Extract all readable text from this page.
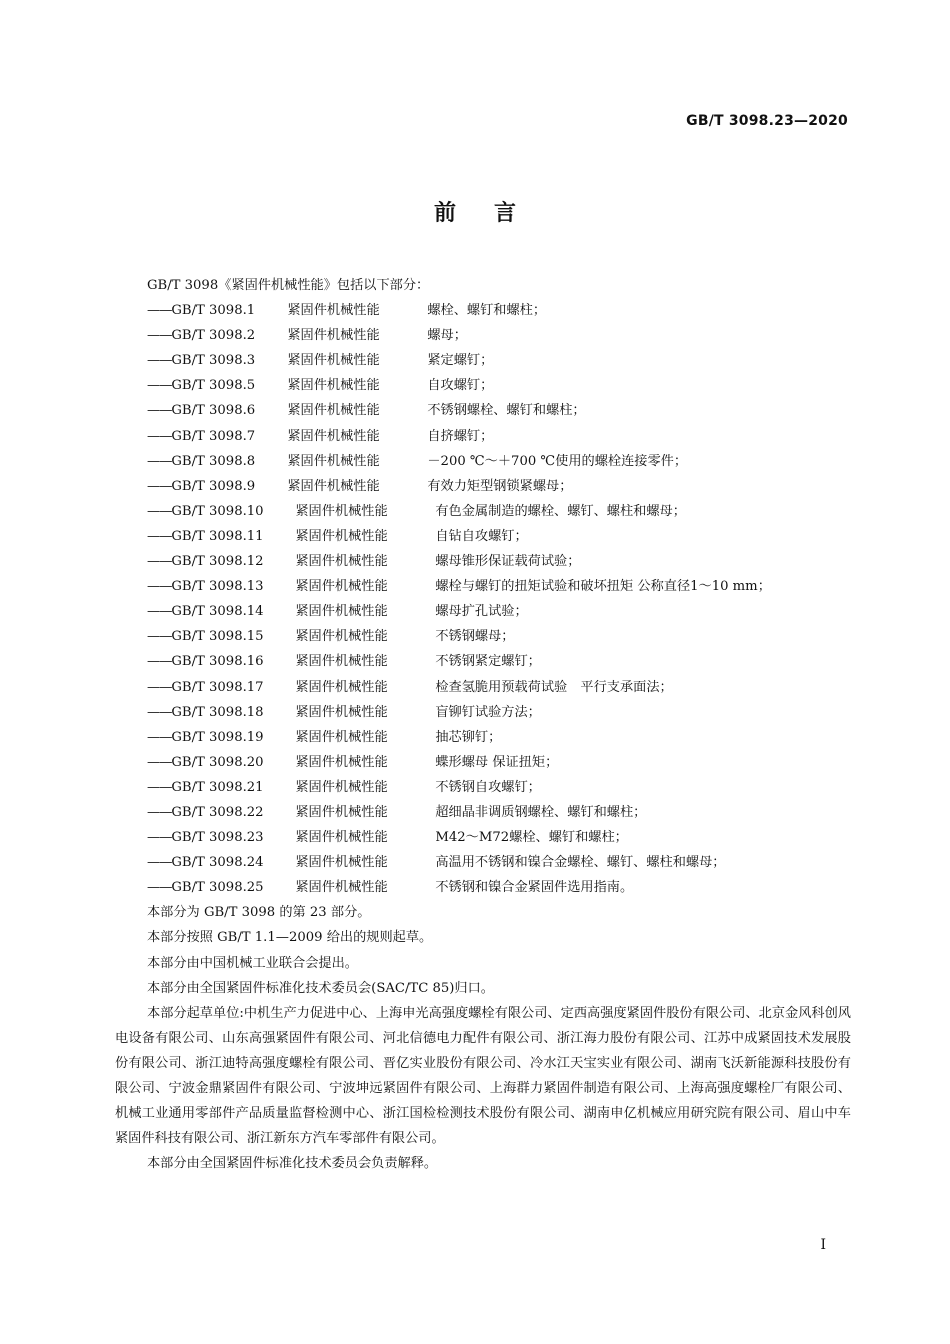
GB/T 3098.23—2020
前言
GB/T 3098《紧固件机械性能》包括以下部分：
—— GB/T 3098.1	紧固件机械性能	螺栓、螺钉和螺柱；
—— GB/T 3098.2	紧固件机械性能	螺母；
—— GB/T 3098.3	紧固件机械性能	紧定螺钉；
—— GB/T 3098.5	紧固件机械性能	自攻螺钉；
—— GB/T 3098.6	紧固件机械性能	不锈钢螺栓、螺钉和螺柱；
—— GB/T 3098.7	紧固件机械性能	自挤螺钉；
—— GB/T 3098.8	紧固件机械性能	－200 ℃～＋700 ℃使用的螺栓连接零件；
—— GB/T 3098.9	紧固件机械性能	有效力矩型钢锁紧螺母；
—— GB/T 3098.10	紧固件机械性能	有色金属制造的螺栓、螺钉、螺柱和螺母；
—— GB/T 3098.11	紧固件机械性能	自钻自攻螺钉；
—— GB/T 3098.12	紧固件机械性能	螺母锥形保证载荷试验；
—— GB/T 3098.13	紧固件机械性能	螺栓与螺钉的扭矩试验和破坏扭矩 公称直径1～10 mm；
—— GB/T 3098.14	紧固件机械性能	螺母扩孔试验；
—— GB/T 3098.15	紧固件机械性能	不锈钢螺母；
—— GB/T 3098.16	紧固件机械性能	不锈钢紧定螺钉；
—— GB/T 3098.17	紧固件机械性能	检查氢脆用预载荷试验　平行支承面法；
—— GB/T 3098.18	紧固件机械性能	盲铆钉试验方法；
—— GB/T 3098.19	紧固件机械性能	抽芯铆钉；
—— GB/T 3098.20	紧固件机械性能	蝶形螺母 保证扭矩；
—— GB/T 3098.21	紧固件机械性能	不锈钢自攻螺钉；
—— GB/T 3098.22	紧固件机械性能	超细晶非调质钢螺栓、螺钉和螺柱；
—— GB/T 3098.23	紧固件机械性能	M42～M72螺栓、螺钉和螺柱；
—— GB/T 3098.24	紧固件机械性能	高温用不锈钢和镍合金螺栓、螺钉、螺柱和螺母；
—— GB/T 3098.25	紧固件机械性能	不锈钢和镍合金紧固件选用指南。
本部分为 GB/T 3098 的第 23 部分。
本部分按照 GB/T 1.1—2009 给出的规则起草。
本部分由中国机械工业联合会提出。
本部分由全国紧固件标准化技术委员会(SAC/TC 85)归口。
本部分起草单位:中机生产力促进中心、上海申光高强度螺栓有限公司、定西高强度紧固件股份有限公司、北京金风科创风电设备有限公司、山东高强紧固件有限公司、河北信德电力配件有限公司、浙江海力股份有限公司、江苏中成紧固技术发展股份有限公司、浙江迪特高强度螺栓有限公司、晋亿实业股份有限公司、冷水江天宝实业有限公司、湖南飞沃新能源科技股份有限公司、宁波金鼎紧固件有限公司、宁波坤远紧固件有限公司、上海群力紧固件制造有限公司、上海高强度螺栓厂有限公司、机械工业通用零部件产品质量监督检测中心、浙江国检检测技术股份有限公司、湖南申亿机械应用研究院有限公司、眉山中车紧固件科技有限公司、浙江新东方汽车零部件有限公司。
本部分由全国紧固件标准化技术委员会负责解释。
I
